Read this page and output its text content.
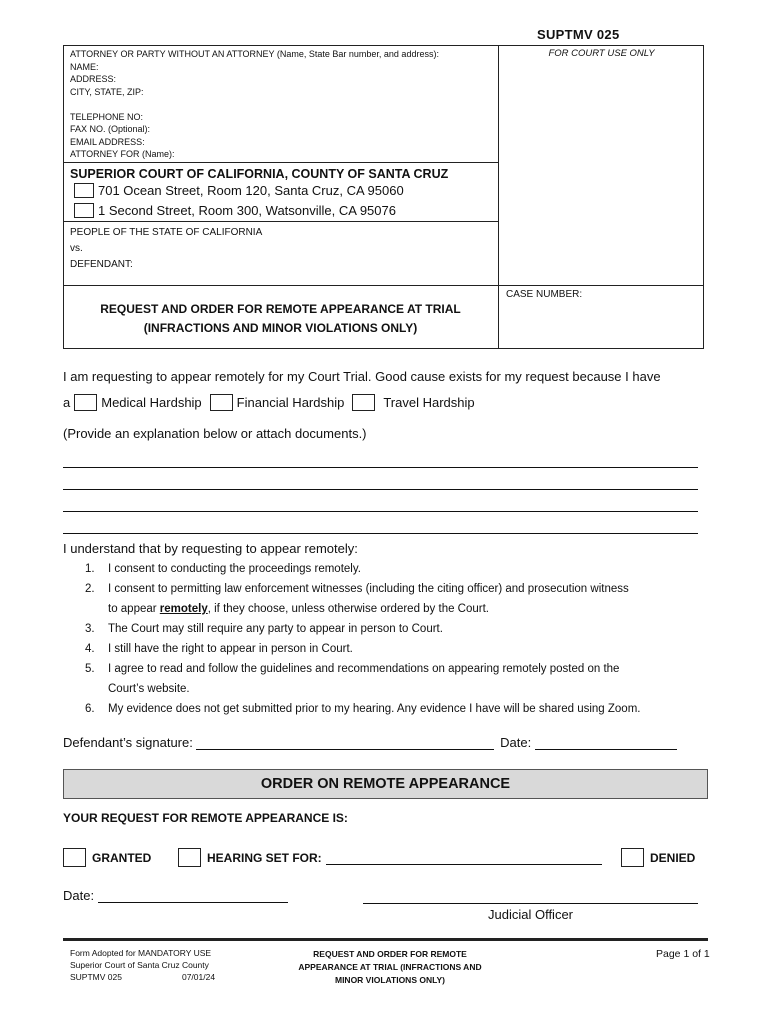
SUPTMV 025
FOR COURT USE ONLY
ATTORNEY OR PARTY WITHOUT AN ATTORNEY (Name, State Bar number, and address):
NAME:
ADDRESS:
CITY, STATE, ZIP:
TELEPHONE NO:
FAX NO. (Optional):
EMAIL ADDRESS:
ATTORNEY FOR (Name):
SUPERIOR COURT OF CALIFORNIA, COUNTY OF SANTA CRUZ
701 Ocean Street, Room 120, Santa Cruz, CA 95060
1 Second Street, Room 300, Watsonville, CA 95076
PEOPLE OF THE STATE OF CALIFORNIA
vs.
DEFENDANT:
REQUEST AND ORDER FOR REMOTE APPEARANCE AT TRIAL
(INFRACTIONS AND MINOR VIOLATIONS ONLY)
CASE NUMBER:
I am requesting to appear remotely for my Court Trial. Good cause exists for my request because I have
a Medical Hardship	Financial Hardship	Travel Hardship
(Provide an explanation below or attach documents.)
I understand that by requesting to appear remotely:
1.	I consent to conducting the proceedings remotely.
2.	I consent to permitting law enforcement witnesses (including the citing officer) and prosecution witness
to appear remotely, if they choose, unless otherwise ordered by the Court.
3.	The Court may still require any party to appear in person to Court.
4.	I still have the right to appear in person in Court.
5.	I agree to read and follow the guidelines and recommendations on appearing remotely posted on the
Court’s website.
6.	My evidence does not get submitted prior to my hearing. Any evidence I have will be shared using Zoom.
Defendant’s signature:	Date:
ORDER ON REMOTE APPEARANCE
YOUR REQUEST FOR REMOTE APPEARANCE IS:
GRANTED	HEARING SET FOR:	DENIED
Date:
Judicial Officer
Form Adopted for MANDATORY USE
Superior Court of Santa Cruz County
SUPTMV 025	07/01/24
REQUEST AND ORDER FOR REMOTE
APPEARANCE AT TRIAL (INFRACTIONS AND
MINOR VIOLATIONS ONLY)
Page 1 of 1
